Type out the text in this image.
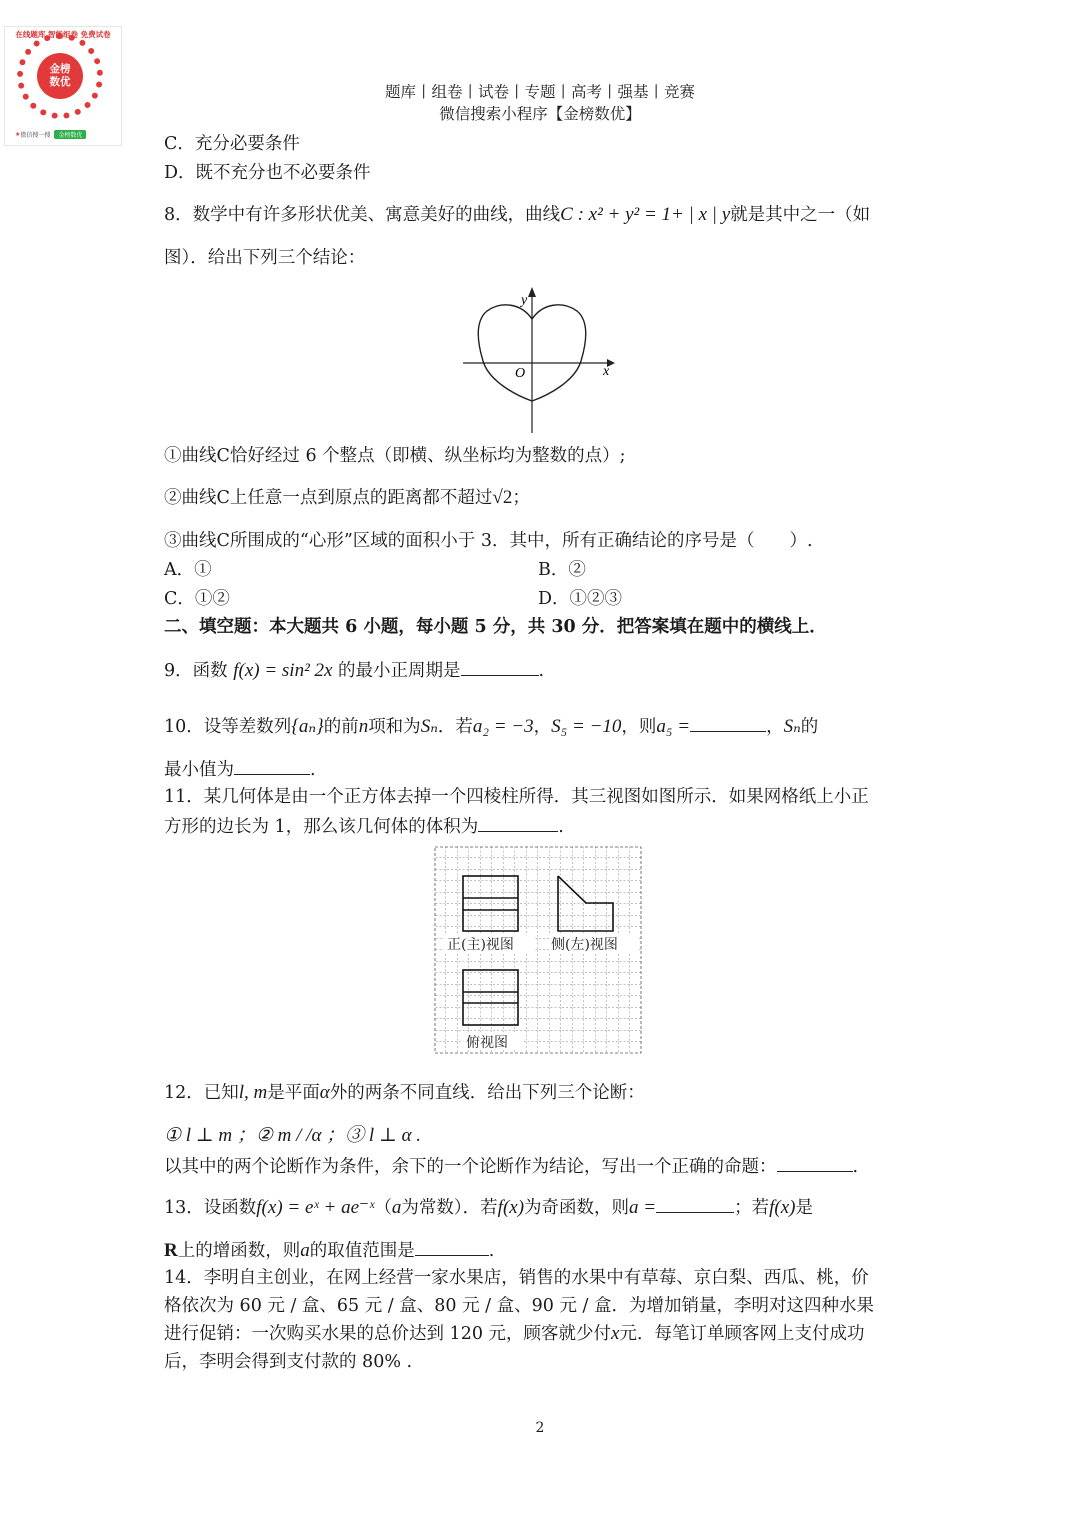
在线题库 智能组卷 免费试卷
金榜
数优
★ 微信搜一搜	金榜数优
题库丨组卷丨试卷丨专题丨高考丨强基丨竞赛
微信搜索小程序【金榜数优】
C．充分必要条件
D．既不充分也不必要条件
8．数学中有许多形状优美、寓意美好的曲线，曲线C : x² + y² = 1+ | x | y就是其中之一（如
图）．给出下列三个结论：
y
x
O
①曲线C恰好经过 6 个整点（即横、纵坐标均为整数的点）;
②曲线C上任意一点到原点的距离都不超过√2；
③曲线C所围成的“心形”区域的面积小于 3．其中，所有正确结论的序号是（　　）.
A．①	B．②
C．①②	D．①②③
二、填空题：本大题共 6 小题，每小题 5 分，共 30 分．把答案填在题中的横线上．
9．函数 f(x) = sin² 2x 的最小正周期是	.
10．设等差数列{aₙ}的前n项和为Sₙ．若a₂ = −3，S₅ = −10，则a₅ =	，Sₙ的
最小值为	.
11．某几何体是由一个正方体去掉一个四棱柱所得．其三视图如图所示．如果网格纸上小正
方形的边长为 1，那么该几何体的体积为	.
正(主)视图	侧(左)视图
俯视图
12．已知l, m是平面α外的两条不同直线．给出下列三个论断：
① l ⊥ m ；② m / /α ；③ l ⊥ α .
以其中的两个论断作为条件，余下的一个论断作为结论，写出一个正确的命题：	.
13．设函数f(x) = eˣ + ae⁻ˣ（a为常数）．若f(x)为奇函数，则a =	；若f(x)是
R上的增函数，则a的取值范围是	.
14．李明自主创业，在网上经营一家水果店，销售的水果中有草莓、京白梨、西瓜、桃，价
格依次为 60 元 / 盒、65 元 / 盒、80 元 / 盒、90 元 / 盒．为增加销量，李明对这四种水果
进行促销：一次购买水果的总价达到 120 元，顾客就少付x元．每笔订单顾客网上支付成功
后，李明会得到支付款的 80% .
2
